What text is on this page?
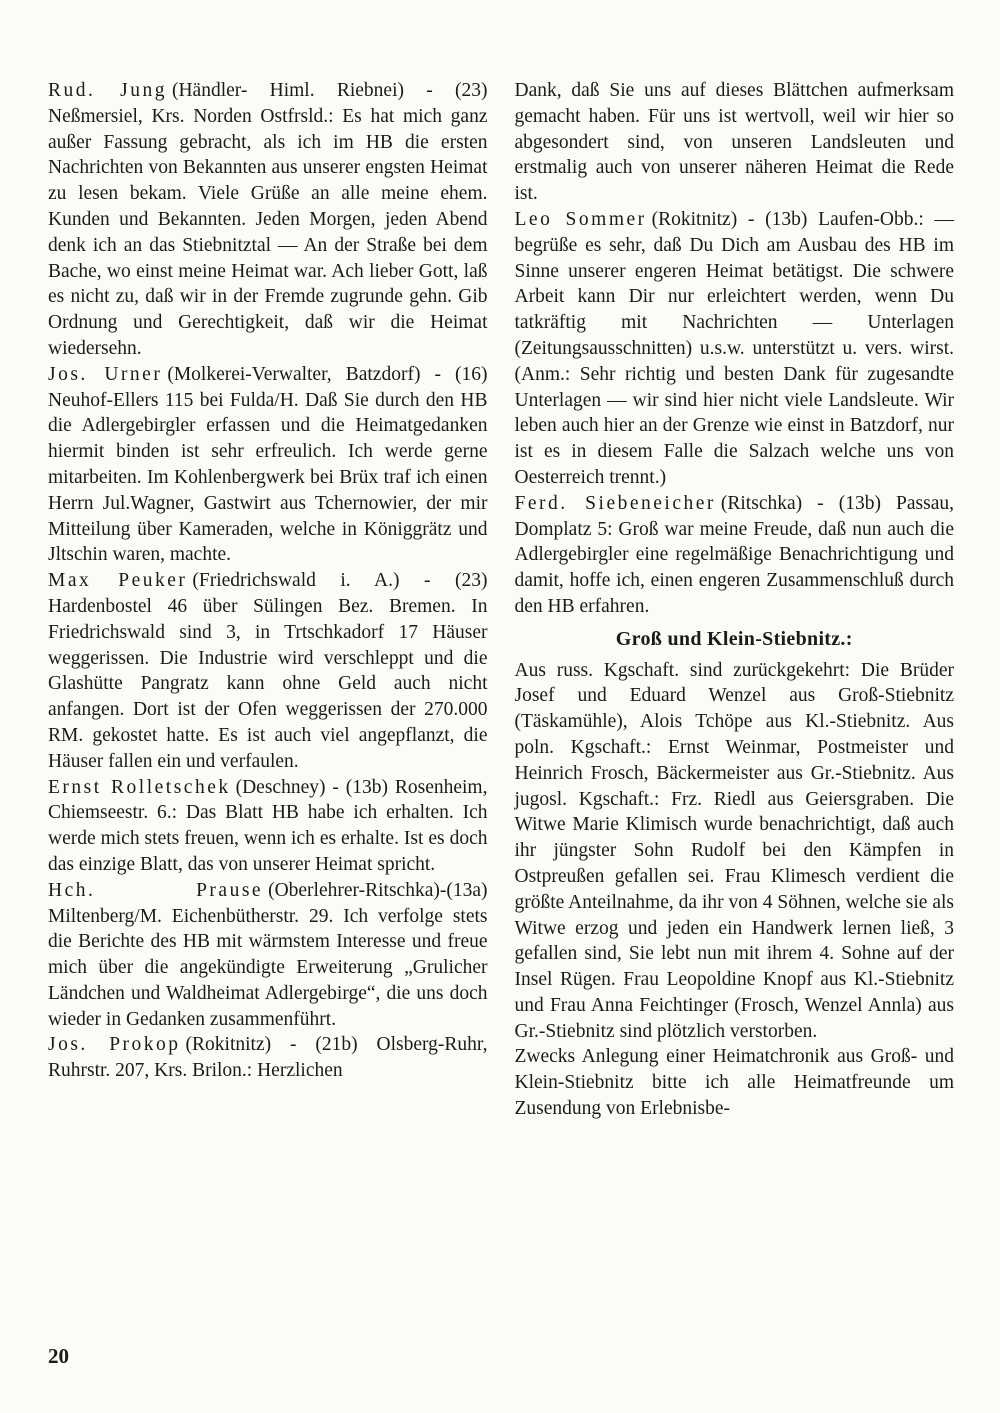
Rud. Jung (Händler- Himl. Riebnei) - (23) Neßmersiel, Krs. Norden Ostfrsld.: Es hat mich ganz außer Fassung gebracht, als ich im HB die ersten Nachrichten von Bekannten aus unserer engsten Heimat zu lesen bekam. Viele Grüße an alle meine ehem. Kunden und Bekannten. Jeden Morgen, jeden Abend denk ich an das Stiebnitztal — An der Straße bei dem Bache, wo einst meine Heimat war. Ach lieber Gott, laß es nicht zu, daß wir in der Fremde zugrunde gehn. Gib Ordnung und Gerechtigkeit, daß wir die Heimat wiedersehn.

Jos. Urner (Molkerei-Verwalter, Batzdorf) - (16) Neuhof-Ellers 115 bei Fulda/H. Daß Sie durch den HB die Adlergebirgler erfassen und die Heimatgedanken hiermit binden ist sehr erfreulich. Ich werde gerne mitarbeiten. Im Kohlenbergwerk bei Brüx traf ich einen Herrn Jul.Wagner, Gastwirt aus Tchernowier, der mir Mitteilung über Kameraden, welche in Königgrätz und Jltschin waren, machte.

Max Peuker (Friedrichswald i. A.) - (23) Hardenbostel 46 über Sülingen Bez. Bremen. In Friedrichswald sind 3, in Trtschkadorf 17 Häuser weggerissen. Die Industrie wird verschleppt und die Glashütte Pangratz kann ohne Geld auch nicht anfangen. Dort ist der Ofen weggerissen der 270.000 RM. gekostet hatte. Es ist auch viel angepflanzt, die Häuser fallen ein und verfaulen.

Ernst Rolletschek (Deschney) - (13b) Rosenheim, Chiemseestr. 6.: Das Blatt HB habe ich erhalten. Ich werde mich stets freuen, wenn ich es erhalte. Ist es doch das einzige Blatt, das von unserer Heimat spricht.

Hch. Prause (Oberlehrer-Ritschka)-(13a) Miltenberg/M. Eichenbütherstr. 29. Ich verfolge stets die Berichte des HB mit wärmstem Interesse und freue mich über die angekündigte Erweiterung „Grulicher Ländchen und Waldheimat Adlergebirge“, die uns doch wieder in Gedanken zusammenführt.

Jos. Prokop (Rokitnitz) - (21b) Olsberg-Ruhr, Ruhrstr. 207, Krs. Brilon.: Herzlichen

Dank, daß Sie uns auf dieses Blättchen aufmerksam gemacht haben. Für uns ist wertvoll, weil wir hier so abgesondert sind, von unseren Landsleuten und erstmalig auch von unserer näheren Heimat die Rede ist.

Leo Sommer (Rokitnitz) - (13b) Laufen-Obb.: — begrüße es sehr, daß Du Dich am Ausbau des HB im Sinne unserer engeren Heimat betätigst. Die schwere Arbeit kann Dir nur erleichtert werden, wenn Du tatkräftig mit Nachrichten — Unterlagen (Zeitungsausschnitten) u.s.w. unterstützt u. vers. wirst. (Anm.: Sehr richtig und besten Dank für zugesandte Unterlagen — wir sind hier nicht viele Landsleute. Wir leben auch hier an der Grenze wie einst in Batzdorf, nur ist es in diesem Falle die Salzach welche uns von Oesterreich trennt.)

Ferd. Siebeneicher (Ritschka) - (13b) Passau, Domplatz 5: Groß war meine Freude, daß nun auch die Adlergebirgler eine regelmäßige Benachrichtigung und damit, hoffe ich, einen engeren Zusammenschluß durch den HB erfahren.

Groß und Klein-Stiebnitz.:

Aus russ. Kgschaft. sind zurückgekehrt: Die Brüder Josef und Eduard Wenzel aus Groß-Stiebnitz (Täskamühle), Alois Tchöpe aus Kl.-Stiebnitz. Aus poln. Kgschaft.: Ernst Weinmar, Postmeister und Heinrich Frosch, Bäckermeister aus Gr.-Stiebnitz. Aus jugosl. Kgschaft.: Frz. Riedl aus Geiersgraben. Die Witwe Marie Klimisch wurde benachrichtigt, daß auch ihr jüngster Sohn Rudolf bei den Kämpfen in Ostpreußen gefallen sei. Frau Klimesch verdient die größte Anteilnahme, da ihr von 4 Söhnen, welche sie als Witwe erzog und jeden ein Handwerk lernen ließ, 3 gefallen sind, Sie lebt nun mit ihrem 4. Sohne auf der Insel Rügen. Frau Leopoldine Knopf aus Kl.-Stiebnitz und Frau Anna Feichtinger (Frosch, Wenzel Annla) aus Gr.-Stiebnitz sind plötzlich verstorben.

Zwecks Anlegung einer Heimatchronik aus Groß- und Klein-Stiebnitz bitte ich alle Heimatfreunde um Zusendung von Erlebnisbe-

20
